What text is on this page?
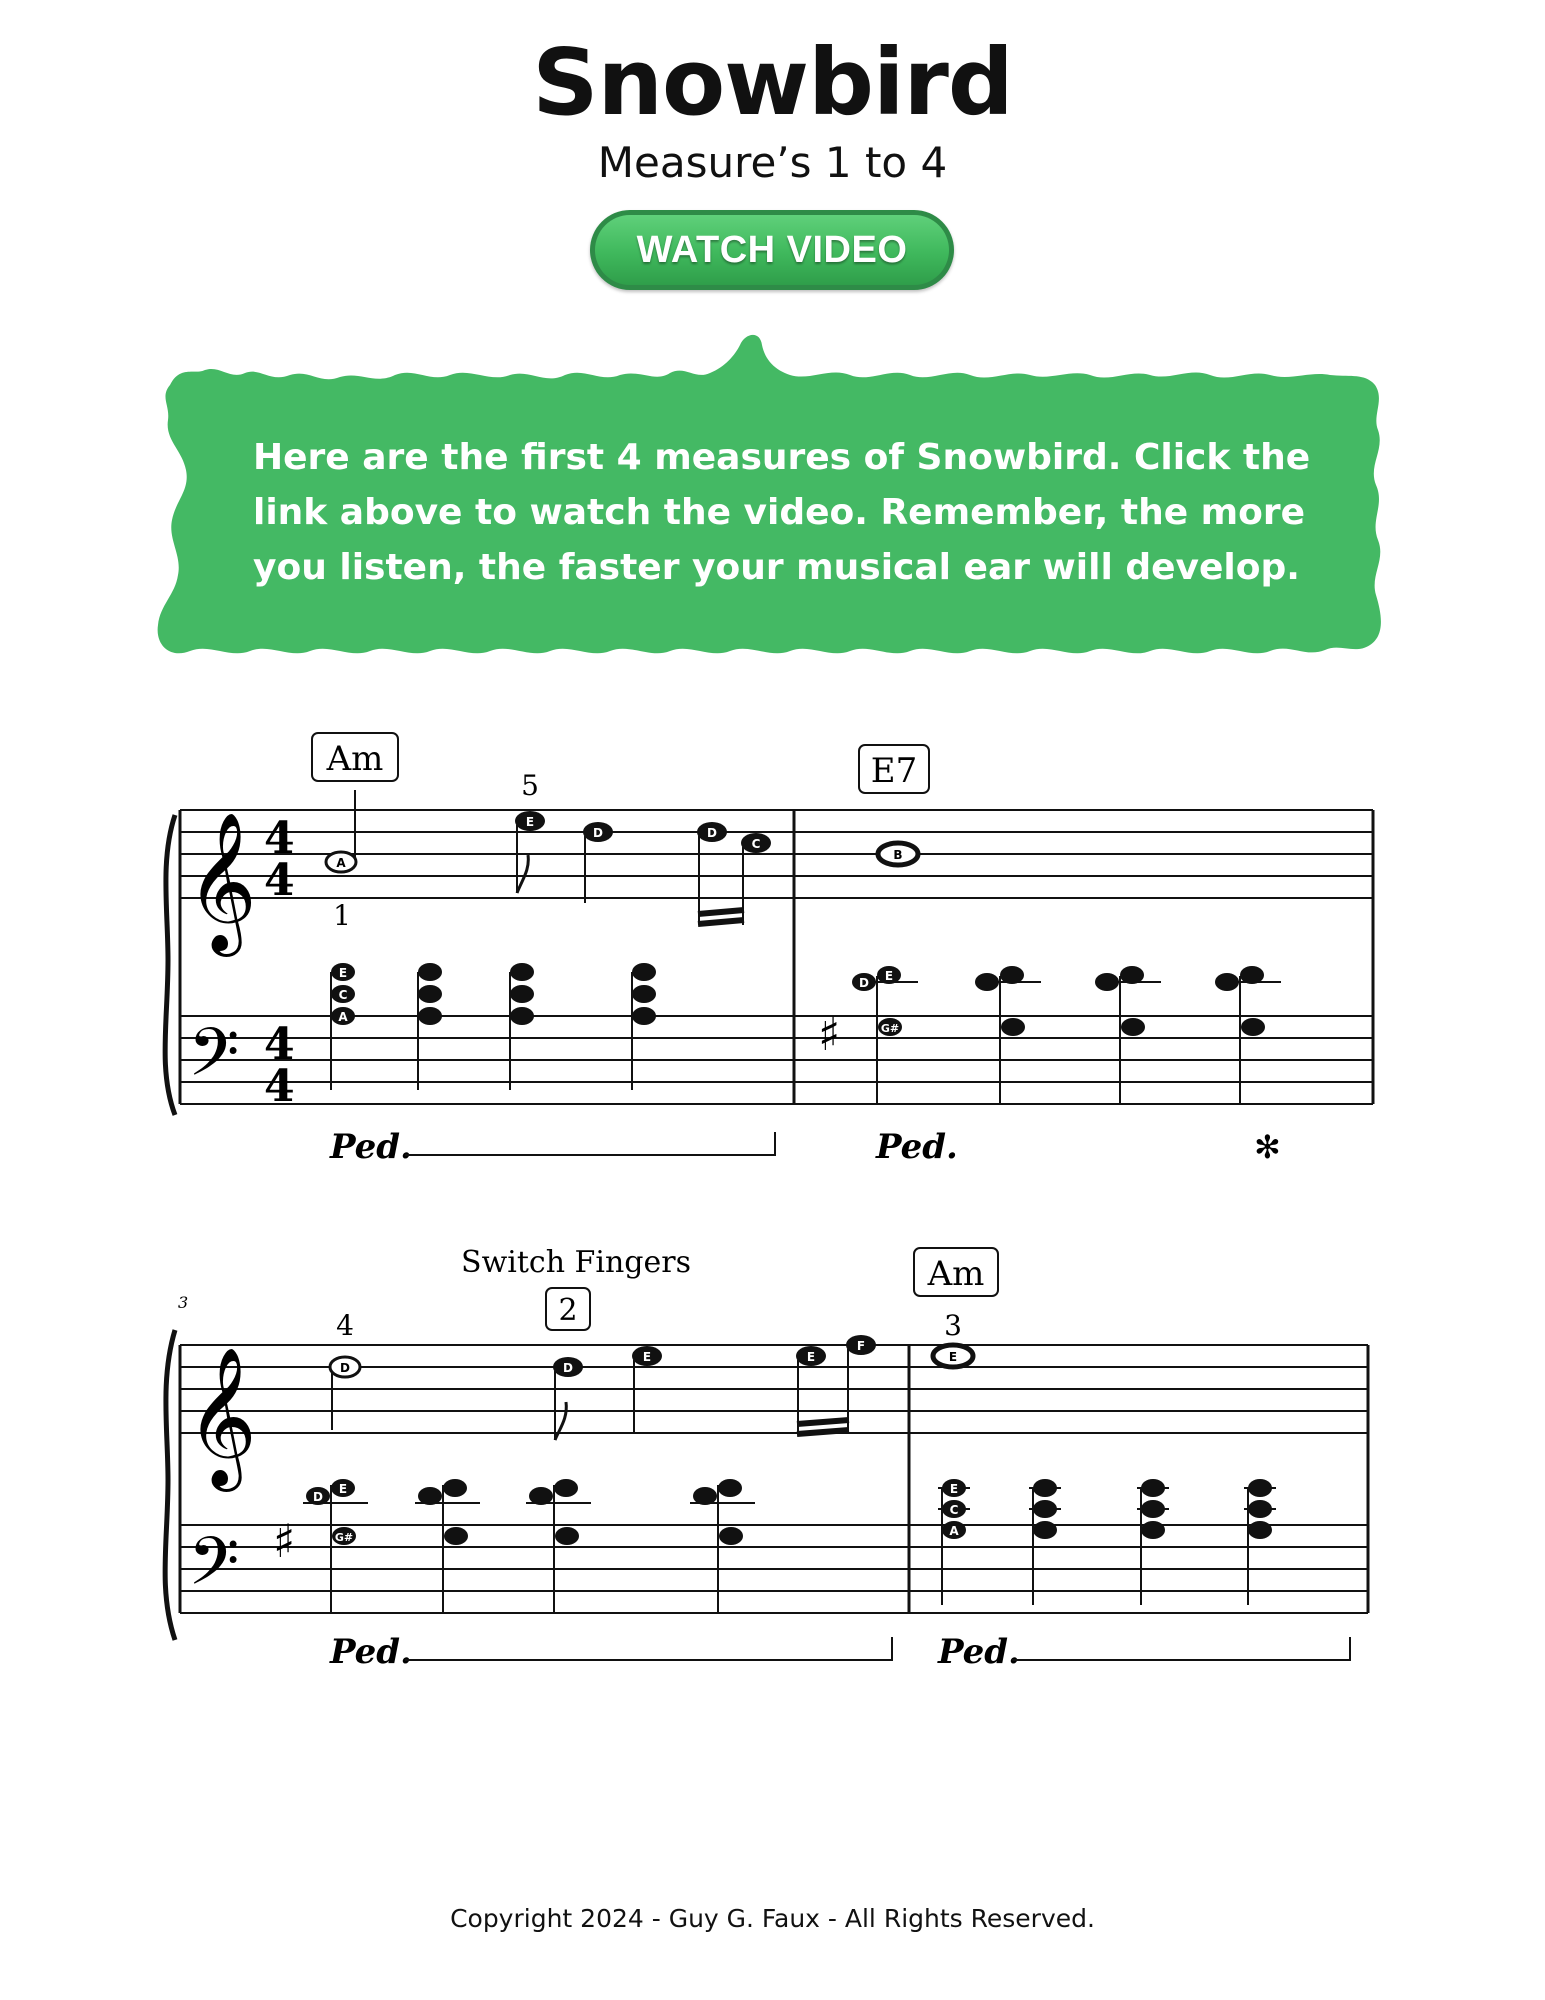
Snowbird
Measure’s 1 to 4
WATCH VIDEO

Here are the first 4 measures of Snowbird. Click the link above to watch the video. Remember, the more you listen, the faster your musical ear will develop.

𝄞
𝄢
4
4
4
4
Am	E7
5
1
A
E
D	D
C
B
E
C
A	♯
D E
G#
Ped.	Ped.	✻
3
𝄞
𝄢 ♯
Switch Fingers	Am
4	2	3
D	D
E	E
F
E
D
E
G#
E
C
A
Ped.	Ped.
Copyright 2024 - Guy G. Faux - All Rights Reserved.
